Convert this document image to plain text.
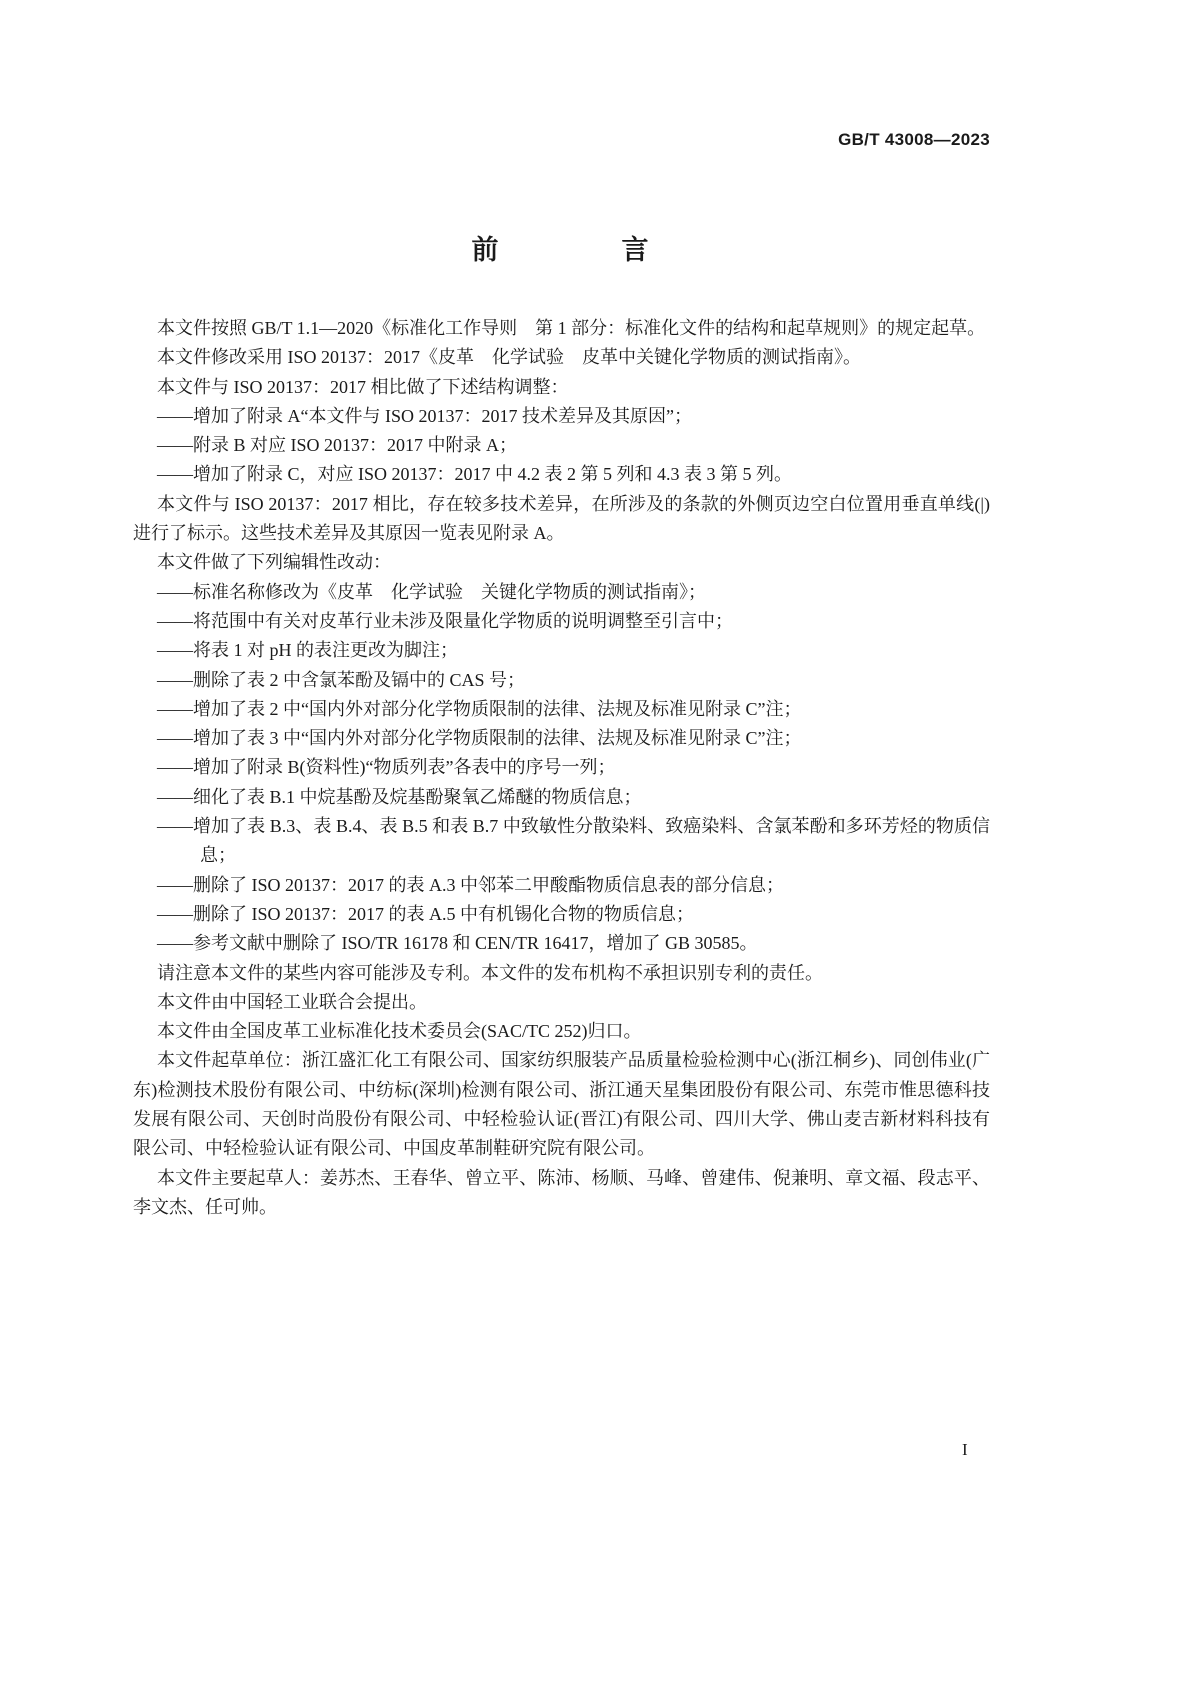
GB/T 43008—2023
前　言

本文件按照 GB/T 1.1—2020《标准化工作导则　第 1 部分：标准化文件的结构和起草规则》的规定起草。

本文件修改采用 ISO 20137：2017《皮革　化学试验　皮革中关键化学物质的测试指南》。

本文件与 ISO 20137：2017 相比做了下述结构调整：

——增加了附录 A“本文件与 ISO 20137：2017 技术差异及其原因”；

——附录 B 对应 ISO 20137：2017 中附录 A；

——增加了附录 C，对应 ISO 20137：2017 中 4.2 表 2 第 5 列和 4.3 表 3 第 5 列。

本文件与 ISO 20137：2017 相比，存在较多技术差异，在所涉及的条款的外侧页边空白位置用垂直单线(|)进行了标示。这些技术差异及其原因一览表见附录 A。

本文件做了下列编辑性改动：

——标准名称修改为《皮革　化学试验　关键化学物质的测试指南》；

——将范围中有关对皮革行业未涉及限量化学物质的说明调整至引言中；

——将表 1 对 pH 的表注更改为脚注；

——删除了表 2 中含氯苯酚及镉中的 CAS 号；

——增加了表 2 中“国内外对部分化学物质限制的法律、法规及标准见附录 C”注；

——增加了表 3 中“国内外对部分化学物质限制的法律、法规及标准见附录 C”注；

——增加了附录 B(资料性)“物质列表”各表中的序号一列；

——细化了表 B.1 中烷基酚及烷基酚聚氧乙烯醚的物质信息；

——增加了表 B.3、表 B.4、表 B.5 和表 B.7 中致敏性分散染料、致癌染料、含氯苯酚和多环芳烃的物质信息；

——删除了 ISO 20137：2017 的表 A.3 中邻苯二甲酸酯物质信息表的部分信息；

——删除了 ISO 20137：2017 的表 A.5 中有机锡化合物的物质信息；

——参考文献中删除了 ISO/TR 16178 和 CEN/TR 16417，增加了 GB 30585。

请注意本文件的某些内容可能涉及专利。本文件的发布机构不承担识别专利的责任。

本文件由中国轻工业联合会提出。

本文件由全国皮革工业标准化技术委员会(SAC/TC 252)归口。

本文件起草单位：浙江盛汇化工有限公司、国家纺织服装产品质量检验检测中心(浙江桐乡)、同创伟业(广东)检测技术股份有限公司、中纺标(深圳)检测有限公司、浙江通天星集团股份有限公司、东莞市惟思德科技发展有限公司、天创时尚股份有限公司、中轻检验认证(晋江)有限公司、四川大学、佛山麦吉新材料科技有限公司、中轻检验认证有限公司、中国皮革制鞋研究院有限公司。

本文件主要起草人：姜苏杰、王春华、曾立平、陈沛、杨顺、马峰、曾建伟、倪兼明、章文福、段志平、李文杰、任可帅。

I
